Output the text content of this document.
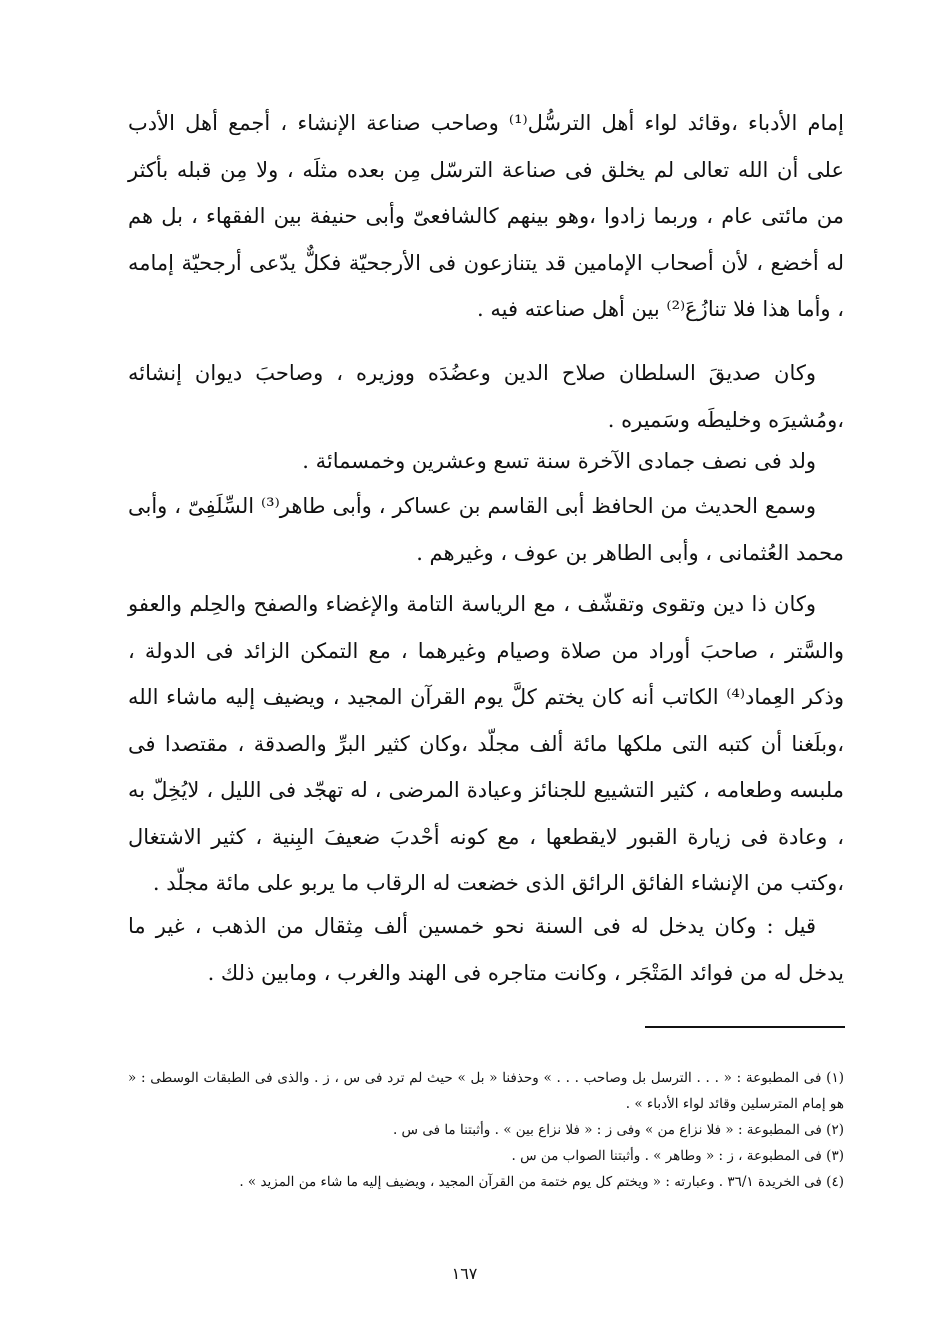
إمام الأدباء ،وقائد لواء أهل الترسُّل⁽¹⁾ وصاحب صناعة الإنشاء ، أجمع أهل الأدب على أن الله تعالى لم يخلق فى صناعة الترسّل مِن بعده مثلَه ، ولا مِن قبله بأكثر من مائتى عام ، وربما زادوا ،وهو بينهم كالشافعىّ وأبى حنيفة بين الفقهاء ، بل هم له أخضع ، لأن أصحاب الإمامين قد يتنازعون فى الأرجحيّة فكلٌّ يدّعى أرجحيّة إمامه ، وأما هذا فلا تنازُعَ⁽²⁾ بين أهل صناعته فيه .

وكان صديقَ السلطان صلاح الدين وعضُدَه ووزيره ، وصاحبَ ديوان إنشائه ،ومُشيرَه وخليطَه وسَميره .

ولد فى نصف جمادى الآخرة سنة تسع وعشرين وخمسمائة .

وسمع الحديث من الحافظ أبى القاسم بن عساكر ، وأبى طاهر⁽³⁾ السِّلَفِىّ ، وأبى محمد العُثمانى ، وأبى الطاهر بن عوف ، وغيرهم .

وكان ذا دين وتقوى وتقشّف ، مع الرياسة التامة والإغضاء والصفح والحِلم والعفو والسَّتر ، صاحبَ أوراد من صلاة وصيام وغيرهما ، مع التمكن الزائد فى الدولة ، وذكر العِماد⁽⁴⁾ الكاتب أنه كان يختم كلَّ يوم القرآن المجيد ، ويضيف إليه ماشاء الله ،وبلَغنا أن كتبه التى ملكها مائة ألف مجلّد ،وكان كثير البرِّ والصدقة ، مقتصدا فى ملبسه وطعامه ، كثير التشييع للجنائز وعيادة المرضى ، له تهجّد فى الليل ، لايُخِلّ به ، وعادة فى زيارة القبور لايقطعها ، مع كونه أحْدبَ ضعيفَ البِنية ، كثير الاشتغال ،وكتب من الإنشاء الفائق الرائق الذى خضعت له الرقاب ما يربو على مائة مجلّد .

قيل : وكان يدخل له فى السنة نحو خمسين ألف مِثقال من الذهب ، غير ما يدخل له من فوائد المَتْجَر ، وكانت متاجره فى الهند والغرب ، ومابين ذلك .

(١) فى المطبوعة : « . . . الترسل بل وصاحب . . . » وحذفنا « بل » حيث لم ترد فى س ، ز . والذى فى الطبقات الوسطى : « هو إمام المترسلين وقائد لواء الأدباء » .

(٢) فى المطبوعة : « فلا نزاع من » وفى ز : « فلا نزاع بين » . وأثبتنا ما فى س .

(٣) فى المطبوعة ، ز : « وطاهر » . وأثبتنا الصواب من س .

(٤) فى الخريدة ٣٦/١ . وعبارته : « ويختم كل يوم ختمة من القرآن المجيد ، ويضيف إليه ما شاء من المزيد » .

١٦٧
